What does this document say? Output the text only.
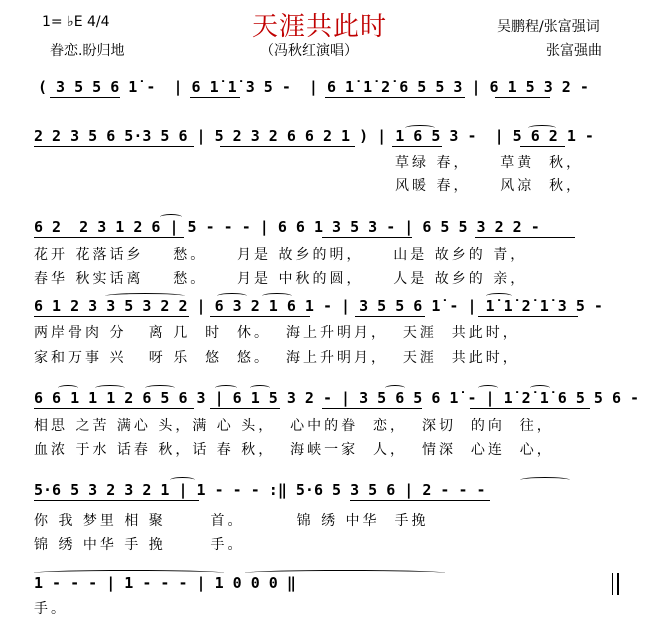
1= ♭E 4/4	天涯共此时	吴鹏程/张富强词
眷恋.盼归地	（冯秋红演唱）	张富强曲
( 3 5 5 6 1̇ -  | 6 1̇ 1̇ 3 5 -  | 6 1̇ 1̇ 2̇ 6 5 5 3 | 6 1 5 3 2 -
2 2 3 5 6 5·3 5 6 | 5 2 3 2 6 6 2 1 ) | 1 6 5 3 -  | 5 6 2 1 -
草绿 春，    草黄  秋，
风暖 春，    风凉  秋，
6 2  2 3 1 2 6 | 5 - - - | 6 6 1 3 5 3 - | 6 5 5 3 2 2 -
花开 花落话乡    愁。    月是 故乡的明，    山是 故乡的 青，
春华 秋实话离    愁。    月是 中秋的圆，    人是 故乡的 亲，
6 1 2 3 3 5 3 2 2 | 6 3 2 1 6 1 - | 3 5 5 6 1̇ - | 1̇ 1̇ 2̇ 1̇ 3 5 -
两岸骨肉 分   离 几  时  休。  海上升明月，  天涯  共此时，
家和万事 兴   呀 乐  悠  悠。  海上升明月，  天涯  共此时，
6 6 1 1 1 2 6 5 6 3 | 6 1 5 3 2 - | 3 5 6 5 6 1̇ - | 1̇ 2̇ 1̇ 6 5 5 6 -
相思 之苦 满心 头，满 心 头，  心中的眷  恋，  深切  的向  往，
血浓 于水 话春 秋，话 春 秋，  海峡一家  人，  情深  心连  心，
5·6 5 3 2 3 2 1 | 1 - - - :‖ 5·6 5 3 5 6 | 2 - - -
你 我 梦里 相 聚      首。       锦 绣 中华  手挽
锦 绣 中华 手 挽      手。
1 - - - | 1 - - - | 1 0 0 0 ‖
手。
